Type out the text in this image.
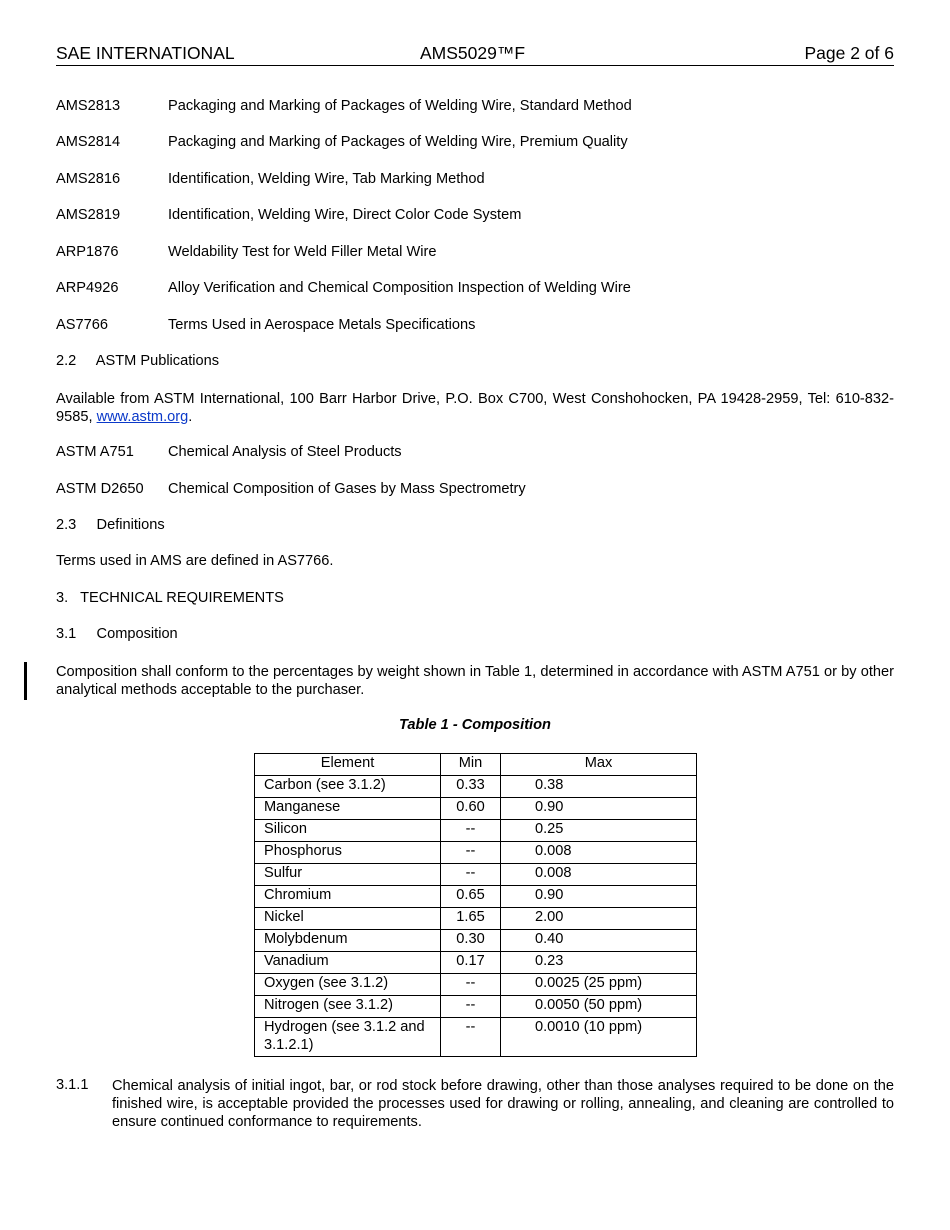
SAE INTERNATIONAL	AMS5029™F	Page 2 of 6
AMS2813	Packaging and Marking of Packages of Welding Wire, Standard Method
AMS2814	Packaging and Marking of Packages of Welding Wire, Premium Quality
AMS2816	Identification, Welding Wire, Tab Marking Method
AMS2819	Identification, Welding Wire, Direct Color Code System
ARP1876	Weldability Test for Weld Filler Metal Wire
ARP4926	Alloy Verification and Chemical Composition Inspection of Welding Wire
AS7766	Terms Used in Aerospace Metals Specifications
2.2     ASTM Publications
Available from ASTM International, 100 Barr Harbor Drive, P.O. Box C700, West Conshohocken, PA 19428-2959, Tel: 610-832-9585, www.astm.org.
ASTM A751 Chemical Analysis of Steel Products
ASTM D2650 Chemical Composition of Gases by Mass Spectrometry
2.3     Definitions
Terms used in AMS are defined in AS7766.
3.   TECHNICAL REQUIREMENTS
3.1     Composition
Composition shall conform to the percentages by weight shown in Table 1, determined in accordance with ASTM A751 or by other analytical methods acceptable to the purchaser.
Table 1 - Composition
Element	Min	Max
Carbon (see 3.1.2)	0.33	0.38
Manganese	0.60	0.90
Silicon	--	0.25
Phosphorus	--	0.008
Sulfur	--	0.008
Chromium	0.65	0.90
Nickel	1.65	2.00
Molybdenum	0.30	0.40
Vanadium	0.17	0.23
Oxygen (see 3.1.2)	--	0.0025 (25 ppm)
Nitrogen (see 3.1.2)	--	0.0050 (50 ppm)
Hydrogen (see 3.1.2 and 3.1.2.1)	--	0.0010 (10 ppm)
3.1.1 Chemical analysis of initial ingot, bar, or rod stock before drawing, other than those analyses required to be done on the finished wire, is acceptable provided the processes used for drawing or rolling, annealing, and cleaning are controlled to ensure continued conformance to requirements.
